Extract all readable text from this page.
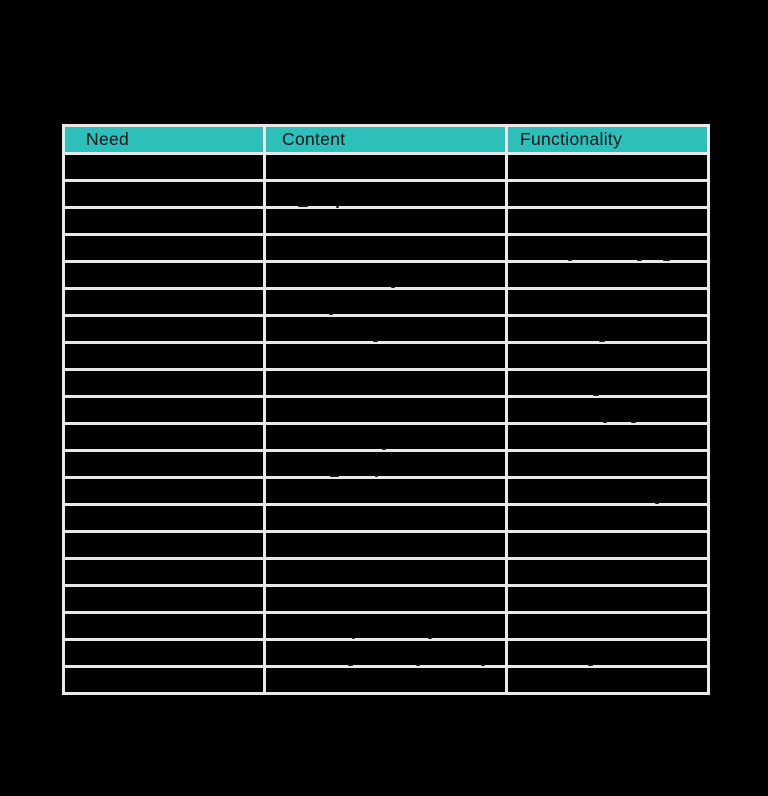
Need	Content	Functionality
